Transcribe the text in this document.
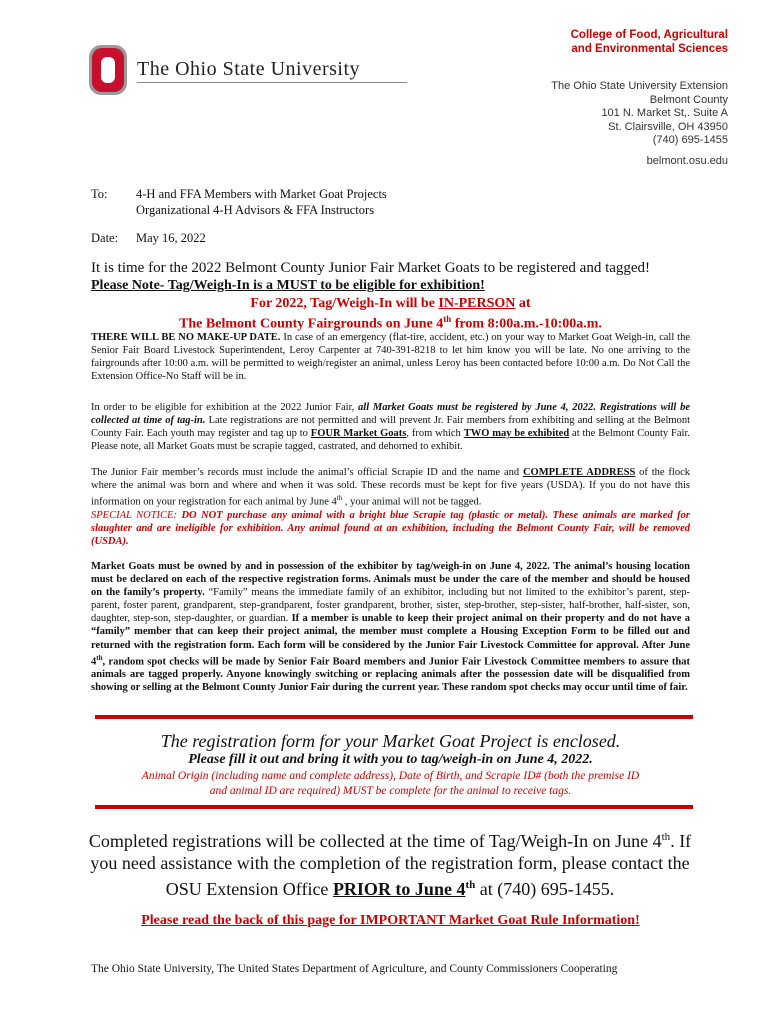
The Ohio State University
College of Food, Agricultural
and Environmental Sciences
The Ohio State University Extension
Belmont County
101 N. Market St,. Suite A
St. Clairsville, OH 43950
(740) 695-1455
belmont.osu.edu
To: 4-H and FFA Members with Market Goat Projects
Organizational 4-H Advisors & FFA Instructors
Date: May 16, 2022
It is time for the 2022 Belmont County Junior Fair Market Goats to be registered and tagged!
Please Note- Tag/Weigh-In is a MUST to be eligible for exhibition!
For 2022, Tag/Weigh-In will be IN-PERSON at
The Belmont County Fairgrounds on June 4th from 8:00a.m.-10:00a.m.
THERE WILL BE NO MAKE-UP DATE. In case of an emergency (flat-tire, accident, etc.) on your way to Market Goat Weigh-in, call the Senior Fair Board Livestock Superintendent, Leroy Carpenter at 740-391-8218 to let him know you will be late. No one arriving to the fairgrounds after 10:00 a.m. will be permitted to weigh/register an animal, unless Leroy has been contacted before 10:00 a.m. Do Not Call the Extension Office-No Staff will be in.
In order to be eligible for exhibition at the 2022 Junior Fair, all Market Goats must be registered by June 4, 2022. Registrations will be collected at time of tag-in. Late registrations are not permitted and will prevent Jr. Fair members from exhibiting and selling at the Belmont County Fair. Each youth may register and tag up to FOUR Market Goats, from which TWO may be exhibited at the Belmont County Fair. Please note, all Market Goats must be scrapie tagged, castrated, and dehorned to exhibit.
The Junior Fair member’s records must include the animal’s official Scrapie ID and the name and COMPLETE ADDRESS of the flock where the animal was born and where and when it was sold. These records must be kept for five years (USDA). If you do not have this information on your registration for each animal by June 4th , your animal will not be tagged.
SPECIAL NOTICE: DO NOT purchase any animal with a bright blue Scrapie tag (plastic or metal). These animals are marked for slaughter and are ineligible for exhibition. Any animal found at an exhibition, including the Belmont County Fair, will be removed (USDA).
Market Goats must be owned by and in possession of the exhibitor by tag/weigh-in on June 4, 2022. The animal’s housing location must be declared on each of the respective registration forms. Animals must be under the care of the member and should be housed on the family’s property. “Family” means the immediate family of an exhibitor, including but not limited to the exhibitor’s parent, step-parent, foster parent, grandparent, step-grandparent, foster grandparent, brother, sister, step-brother, step-sister, half-brother, half-sister, son, daughter, step-son, step-daughter, or guardian. If a member is unable to keep their project animal on their property and do not have a “family” member that can keep their project animal, the member must complete a Housing Exception Form to be filled out and returned with the registration form. Each form will be considered by the Junior Fair Livestock Committee for approval. After June 4th, random spot checks will be made by Senior Fair Board members and Junior Fair Livestock Committee members to assure that animals are tagged properly. Anyone knowingly switching or replacing animals after the possession date will be disqualified from showing or selling at the Belmont County Junior Fair during the current year. These random spot checks may occur until time of fair.
The registration form for your Market Goat Project is enclosed.
Please fill it out and bring it with you to tag/weigh-in on June 4, 2022.
Animal Origin (including name and complete address), Date of Birth, and Scrapie ID# (both the premise ID
and animal ID are required) MUST be complete for the animal to receive tags.
Completed registrations will be collected at the time of Tag/Weigh-In on June 4th. If
you need assistance with the completion of the registration form, please contact the
OSU Extension Office PRIOR to June 4th at (740) 695-1455.
Please read the back of this page for IMPORTANT Market Goat Rule Information!
The Ohio State University, The United States Department of Agriculture, and County Commissioners Cooperating
